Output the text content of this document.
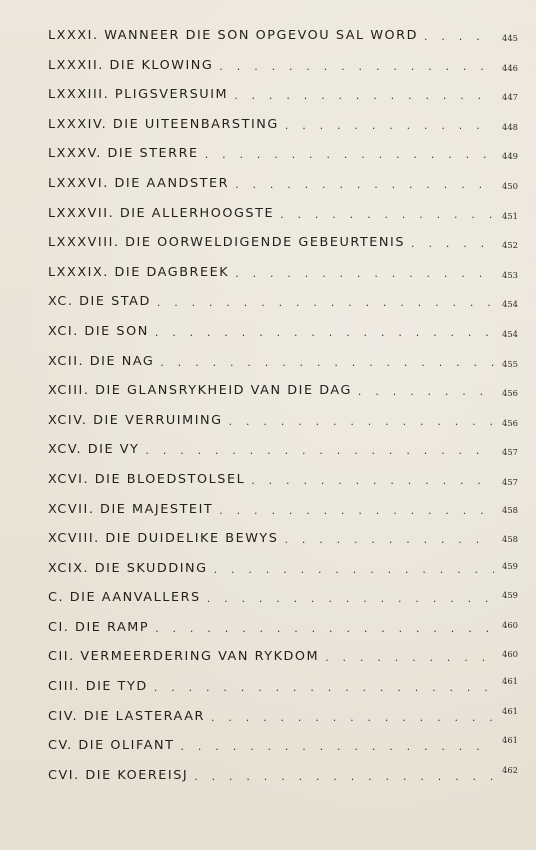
LXXXI. WANNEER DIE SON OPGEVOU SAL WORD . . .	445
LXXXII. DIE KLOWING . . .	446
LXXXIII. PLIGSVERSUIM . . .	447
LXXXIV. DIE UITEENBARSTING . . .	448
LXXXV. DIE STERRE . . .	449
LXXXVI. DIE AANDSTER . . .	450
LXXXVII. DIE ALLERHOOGSTE . . .	451
LXXXVIII. DIE OORWELDIGENDE GEBEURTENIS . . .	452
LXXXIX. DIE DAGBREEK . . .	453
XC. DIE STAD . . .	454
XCI. DIE SON . . .	454
XCII. DIE NAG . . .	455
XCIII. DIE GLANSRYKHEID VAN DIE DAG . . .	456
XCIV. DIE VERRUIMING . . .	456
XCV. DIE VY . . .	457
XCVI. DIE BLOEDSTOLSEL . . .	457
XCVII. DIE MAJESTEIT . . .	458
XCVIII. DIE DUIDELIKE BEWYS . . .	458
XCIX. DIE SKUDDING . . .	459
C. DIE AANVALLERS . . .	459
CI. DIE RAMP . . .	460
CII. VERMEERDERING VAN RYKDOM . . .	460
CIII. DIE TYD . . .	461
CIV. DIE LASTERAAR . . .	461
CV. DIE OLIFANT . . .	461
CVI. DIE KOEREISJ . . .	462
